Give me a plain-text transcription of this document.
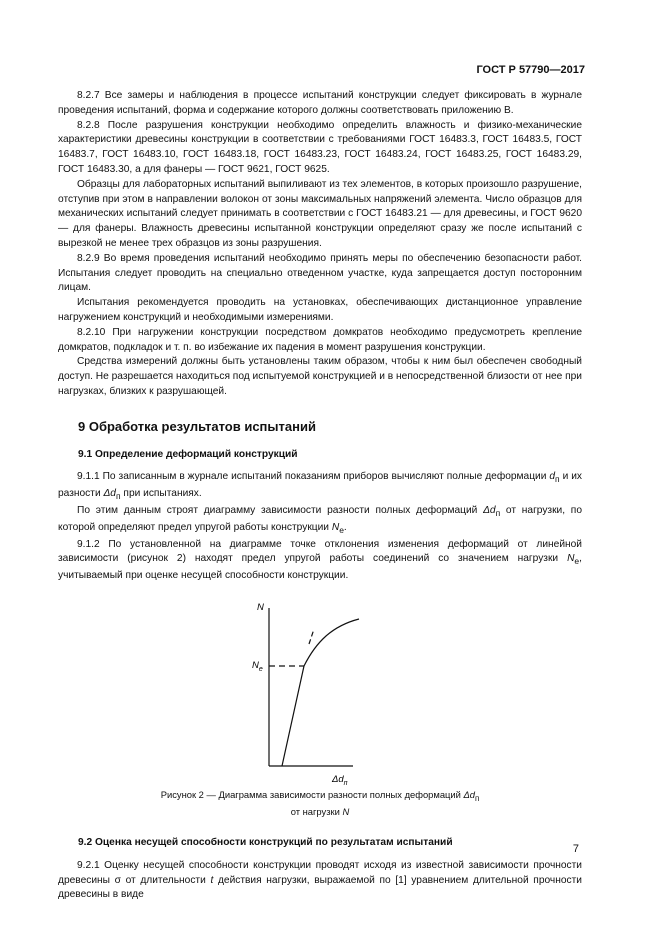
ГОСТ Р 57790—2017

8.2.7 Все замеры и наблюдения в процессе испытаний конструкции следует фиксировать в журнале проведения испытаний, форма и содержание которого должны соответствовать приложению В.

8.2.8 После разрушения конструкции необходимо определить влажность и физико-механические характеристики древесины конструкции в соответствии с требованиями ГОСТ 16483.3, ГОСТ 16483.5, ГОСТ 16483.7, ГОСТ 16483.10, ГОСТ 16483.18, ГОСТ 16483.23, ГОСТ 16483.24, ГОСТ 16483.25, ГОСТ 16483.29, ГОСТ 16483.30, а для фанеры — ГОСТ 9621, ГОСТ 9625.

Образцы для лабораторных испытаний выпиливают из тех элементов, в которых произошло разрушение, отступив при этом в направлении волокон от зоны максимальных напряжений элемента. Число образцов для механических испытаний следует принимать в соответствии с ГОСТ 16483.21 — для древесины, и ГОСТ 9620 — для фанеры. Влажность древесины испытанной конструкции определяют сразу же после испытаний с вырезкой не менее трех образцов из зоны разрушения.

8.2.9 Во время проведения испытаний необходимо принять меры по обеспечению безопасности работ. Испытания следует проводить на специально отведенном участке, куда запрещается доступ посторонним лицам.

Испытания рекомендуется проводить на установках, обеспечивающих дистанционное управление нагружением конструкций и необходимыми измерениями.

8.2.10 При нагружении конструкции посредством домкратов необходимо предусмотреть крепление домкратов, подкладок и т. п. во избежание их падения в момент разрушения конструкции.

Средства измерений должны быть установлены таким образом, чтобы к ним был обеспечен свободный доступ. Не разрешается находиться под испытуемой конструкцией и в непосредственной близости от нее при нагрузках, близких к разрушающей.

9 Обработка результатов испытаний
9.1 Определение деформаций конструкций

9.1.1 По записанным в журнале испытаний показаниям приборов вычисляют полные деформации $d_п$ и их разности $\Delta d_п$ при испытаниях.

По этим данным строят диаграмму зависимости разности полных деформаций $\Delta d_п$ от нагрузки, по которой определяют предел упругой работы конструкции $N_е$.

9.1.2 По установленной на диаграмме точке отклонения изменения деформаций от линейной зависимости (рисунок 2) находят предел упругой работы соединений со значением нагрузки $N_е$, учитываемый при оценке несущей способности конструкции.

N
$N_е$
$\Delta d_п$
Рисунок 2 — Диаграмма зависимости разности полных деформаций $\Delta d_п$
от нагрузки N
9.2 Оценка несущей способности конструкций по результатам испытаний

9.2.1 Оценку несущей способности конструкции проводят исходя из известной зависимости прочности древесины σ от длительности t действия нагрузки, выражаемой по [1] уравнением длительной прочности древесины в виде

7
